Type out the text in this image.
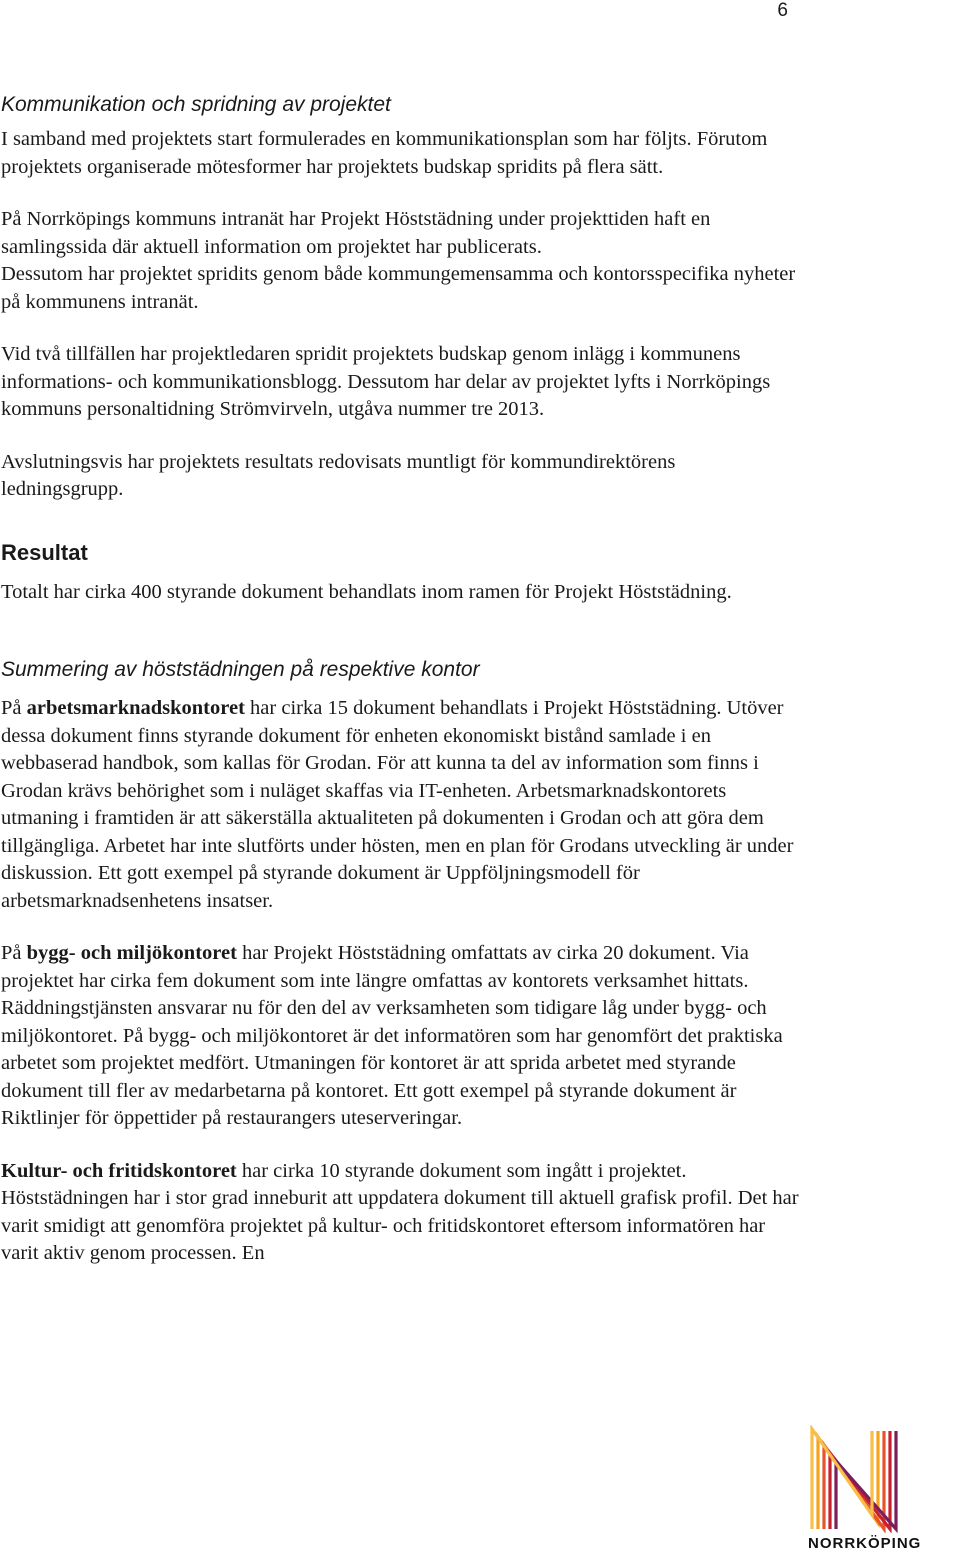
6
Kommunikation och spridning av projektet

I samband med projektets start formulerades en kommunikationsplan som har följts. Förutom projektets organiserade mötesformer har projektets budskap spridits på flera sätt.

På Norrköpings kommuns intranät har Projekt Höststädning under projekttiden haft en samlingssida där aktuell information om projektet har publicerats.

Dessutom har projektet spridits genom både kommungemensamma och kontorsspecifika nyheter på kommunens intranät.

Vid två tillfällen har projektledaren spridit projektets budskap genom inlägg i kommunens informations- och kommunikationsblogg. Dessutom har delar av projektet lyfts i Norrköpings kommuns personaltidning Strömvirveln, utgåva nummer tre 2013.

Avslutningsvis har projektets resultats redovisats muntligt för kommundirektörens ledningsgrupp.

Resultat

Totalt har cirka 400 styrande dokument behandlats inom ramen för Projekt Höststädning.

Summering av höststädningen på respektive kontor

På arbetsmarknadskontoret har cirka 15 dokument behandlats i Projekt Höststädning. Utöver dessa dokument finns styrande dokument för enheten ekonomiskt bistånd samlade i en webbaserad handbok, som kallas för Grodan. För att kunna ta del av information som finns i Grodan krävs behörighet som i nuläget skaffas via IT-enheten. Arbetsmarknadskontorets utmaning i framtiden är att säkerställa aktualiteten på dokumenten i Grodan och att göra dem tillgängliga. Arbetet har inte slutförts under hösten, men en plan för Grodans utveckling är under diskussion. Ett gott exempel på styrande dokument är Uppföljningsmodell för arbetsmarknadsenhetens insatser.

På bygg- och miljökontoret har Projekt Höststädning omfattats av cirka 20 dokument. Via projektet har cirka fem dokument som inte längre omfattas av kontorets verksamhet hittats. Räddningstjänsten ansvarar nu för den del av verksamheten som tidigare låg under bygg- och miljökontoret. På bygg- och miljökontoret är det informatören som har genomfört det praktiska arbetet som projektet medfört. Utmaningen för kontoret är att sprida arbetet med styrande dokument till fler av medarbetarna på kontoret. Ett gott exempel på styrande dokument är Riktlinjer för öppettider på restaurangers uteserveringar.

Kultur- och fritidskontoret har cirka 10 styrande dokument som ingått i projektet. Höststädningen har i stor grad inneburit att uppdatera dokument till aktuell grafisk profil. Det har varit smidigt att genomföra projektet på kultur- och fritidskontoret eftersom informatören har varit aktiv genom processen. En

NORRKÖPING
